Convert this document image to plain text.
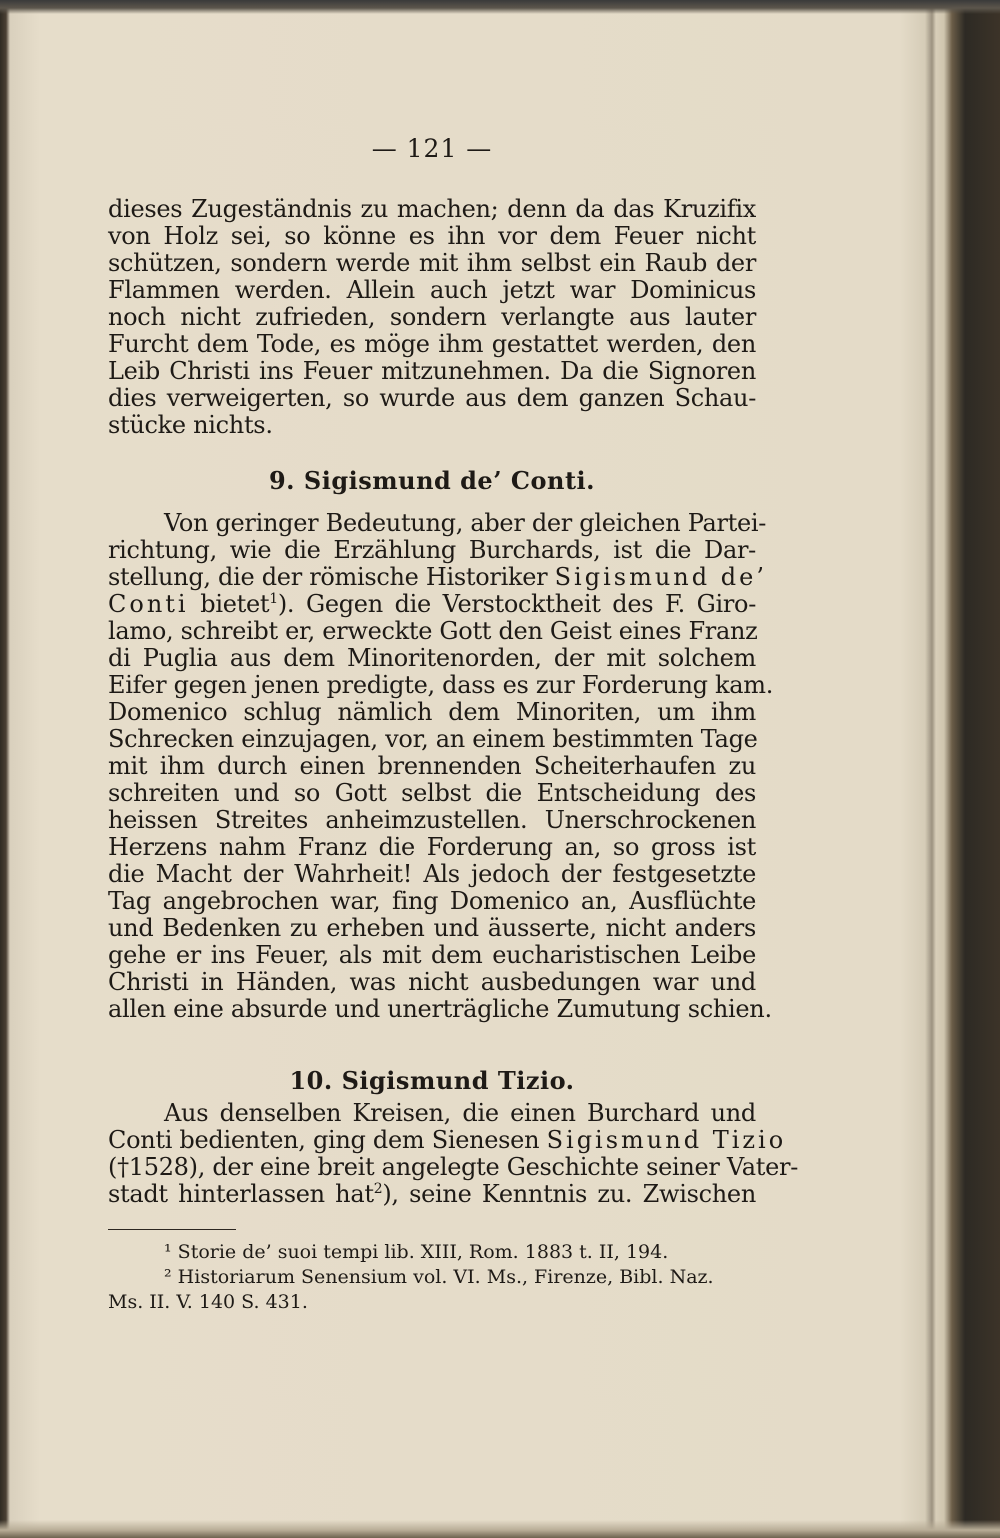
— 121 —
dieses Zugeständnis zu machen; denn da das Kruzifix
von Holz sei, so könne es ihn vor dem Feuer nicht
schützen, sondern werde mit ihm selbst ein Raub der
Flammen werden. Allein auch jetzt war Dominicus
noch nicht zufrieden, sondern verlangte aus lauter
Furcht dem Tode, es möge ihm gestattet werden, den
Leib Christi ins Feuer mitzunehmen. Da die Signoren
dies verweigerten, so wurde aus dem ganzen Schau-
stücke nichts.
9. Sigismund de’ Conti.
Von geringer Bedeutung, aber der gleichen Partei-
richtung, wie die Erzählung Burchards, ist die Dar-
stellung, die der römische Historiker Sigismund de’
Conti bietet$^1$). Gegen die Verstocktheit des F. Giro-
lamo, schreibt er, erweckte Gott den Geist eines Franz
di Puglia aus dem Minoritenorden, der mit solchem
Eifer gegen jenen predigte, dass es zur Forderung kam.
Domenico schlug nämlich dem Minoriten, um ihm
Schrecken einzujagen, vor, an einem bestimmten Tage
mit ihm durch einen brennenden Scheiterhaufen zu
schreiten und so Gott selbst die Entscheidung des
heissen Streites anheimzustellen. Unerschrockenen
Herzens nahm Franz die Forderung an, so gross ist
die Macht der Wahrheit! Als jedoch der festgesetzte
Tag angebrochen war, fing Domenico an, Ausflüchte
und Bedenken zu erheben und äusserte, nicht anders
gehe er ins Feuer, als mit dem eucharistischen Leibe
Christi in Händen, was nicht ausbedungen war und
allen eine absurde und unerträgliche Zumutung schien.
10. Sigismund Tizio.
Aus denselben Kreisen, die einen Burchard und
Conti bedienten, ging dem Sienesen Sigismund Tizio
(†1528), der eine breit angelegte Geschichte seiner Vater-
stadt hinterlassen hat$^2$), seine Kenntnis zu. Zwischen
¹ Storie de’ suoi tempi lib. XIII, Rom. 1883 t. II, 194.
² Historiarum Senensium vol. VI. Ms., Firenze, Bibl. Naz.
Ms. II. V. 140 S. 431.
